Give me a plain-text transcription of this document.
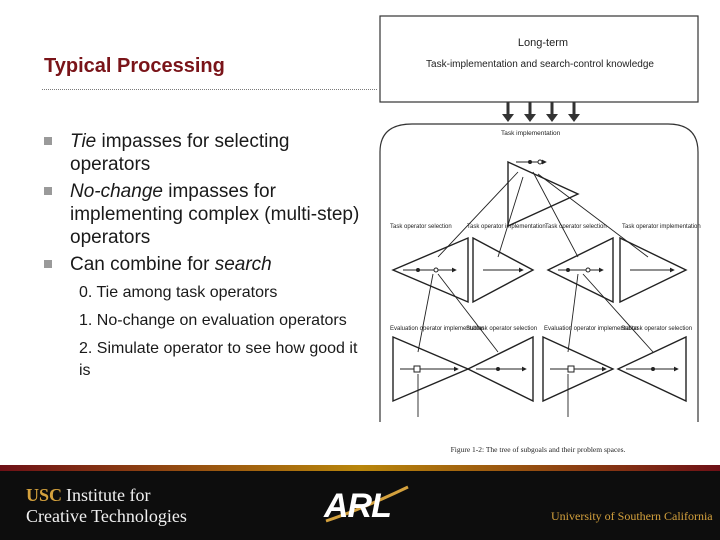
Typical Processing
Tie impasses for selecting operators
No-change impasses for implementing complex (multi-step) operators
Can combine for search
0. Tie among task operators
1. No-change on evaluation operators
2. Simulate operator to see how good it is
Long-term
Task-implementation and search-control knowledge
Task implementation
Task operator selection	Task operator implementation Task operator selection	Task operator implementation
Evaluation operator implementation
Subtask operator selection Evaluation operator implementation
Subtask operator selection
Figure 1-2: The tree of subgoals and their problem spaces.
USC Institute for
Creative Technologies	ARL	University of Southern California
